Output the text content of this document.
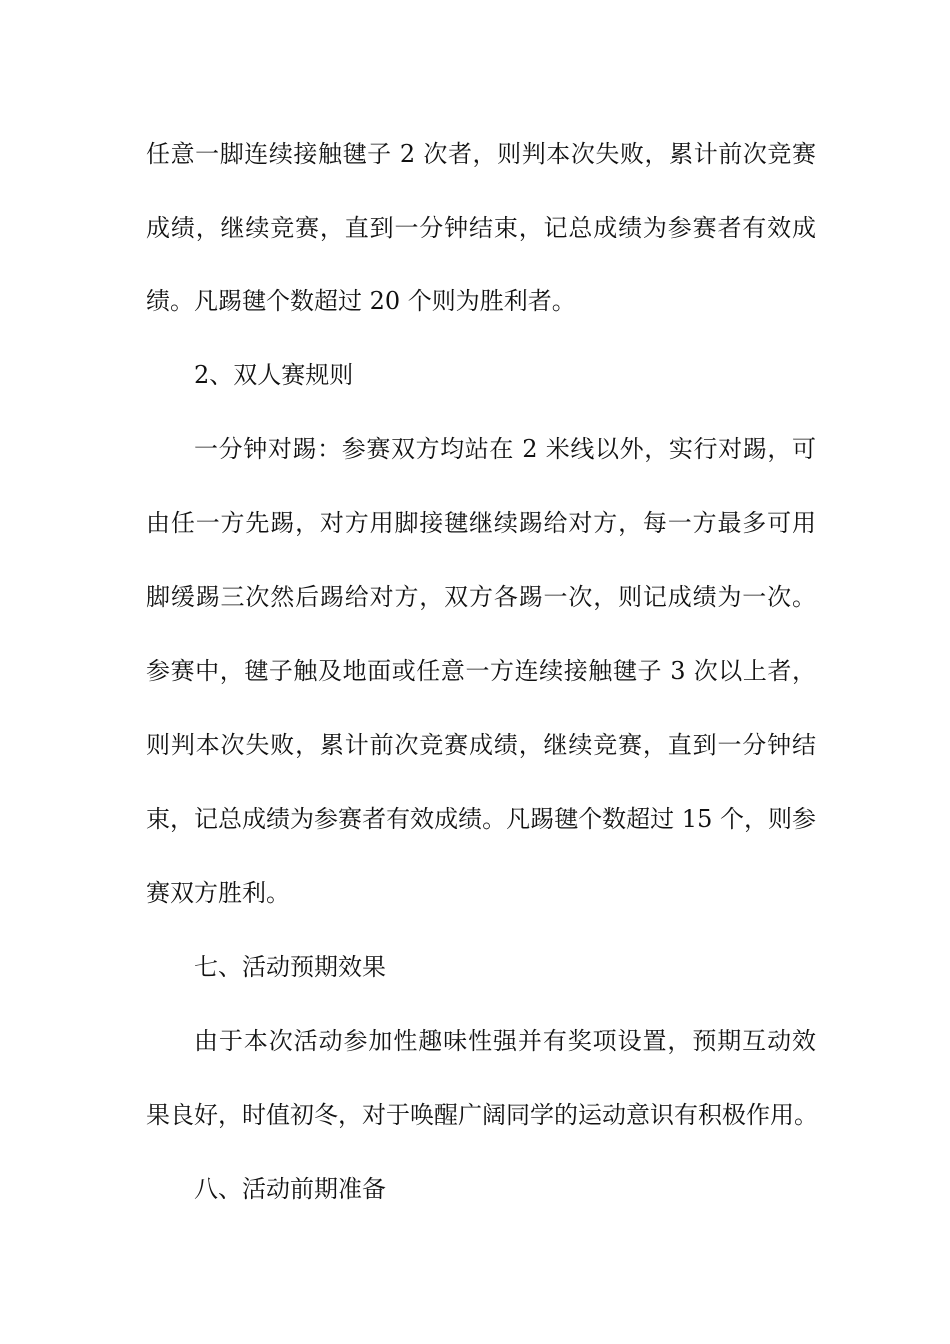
任意一脚连续接触毽子 2 次者，则判本次失败，累计前次竞赛
成绩，继续竞赛，直到一分钟结束，记总成绩为参赛者有效成
绩。凡踢毽个数超过 20 个则为胜利者。
2、双人赛规则
一分钟对踢：参赛双方均站在 2 米线以外，实行对踢，可
由任一方先踢，对方用脚接毽继续踢给对方，每一方最多可用
脚缓踢三次然后踢给对方，双方各踢一次，则记成绩为一次。
参赛中，毽子触及地面或任意一方连续接触毽子 3 次以上者，
则判本次失败，累计前次竞赛成绩，继续竞赛，直到一分钟结
束，记总成绩为参赛者有效成绩。凡踢毽个数超过 15 个，则参
赛双方胜利。
七、活动预期效果
由于本次活动参加性趣味性强并有奖项设置，预期互动效
果良好，时值初冬，对于唤醒广阔同学的运动意识有积极作用。
八、活动前期准备
